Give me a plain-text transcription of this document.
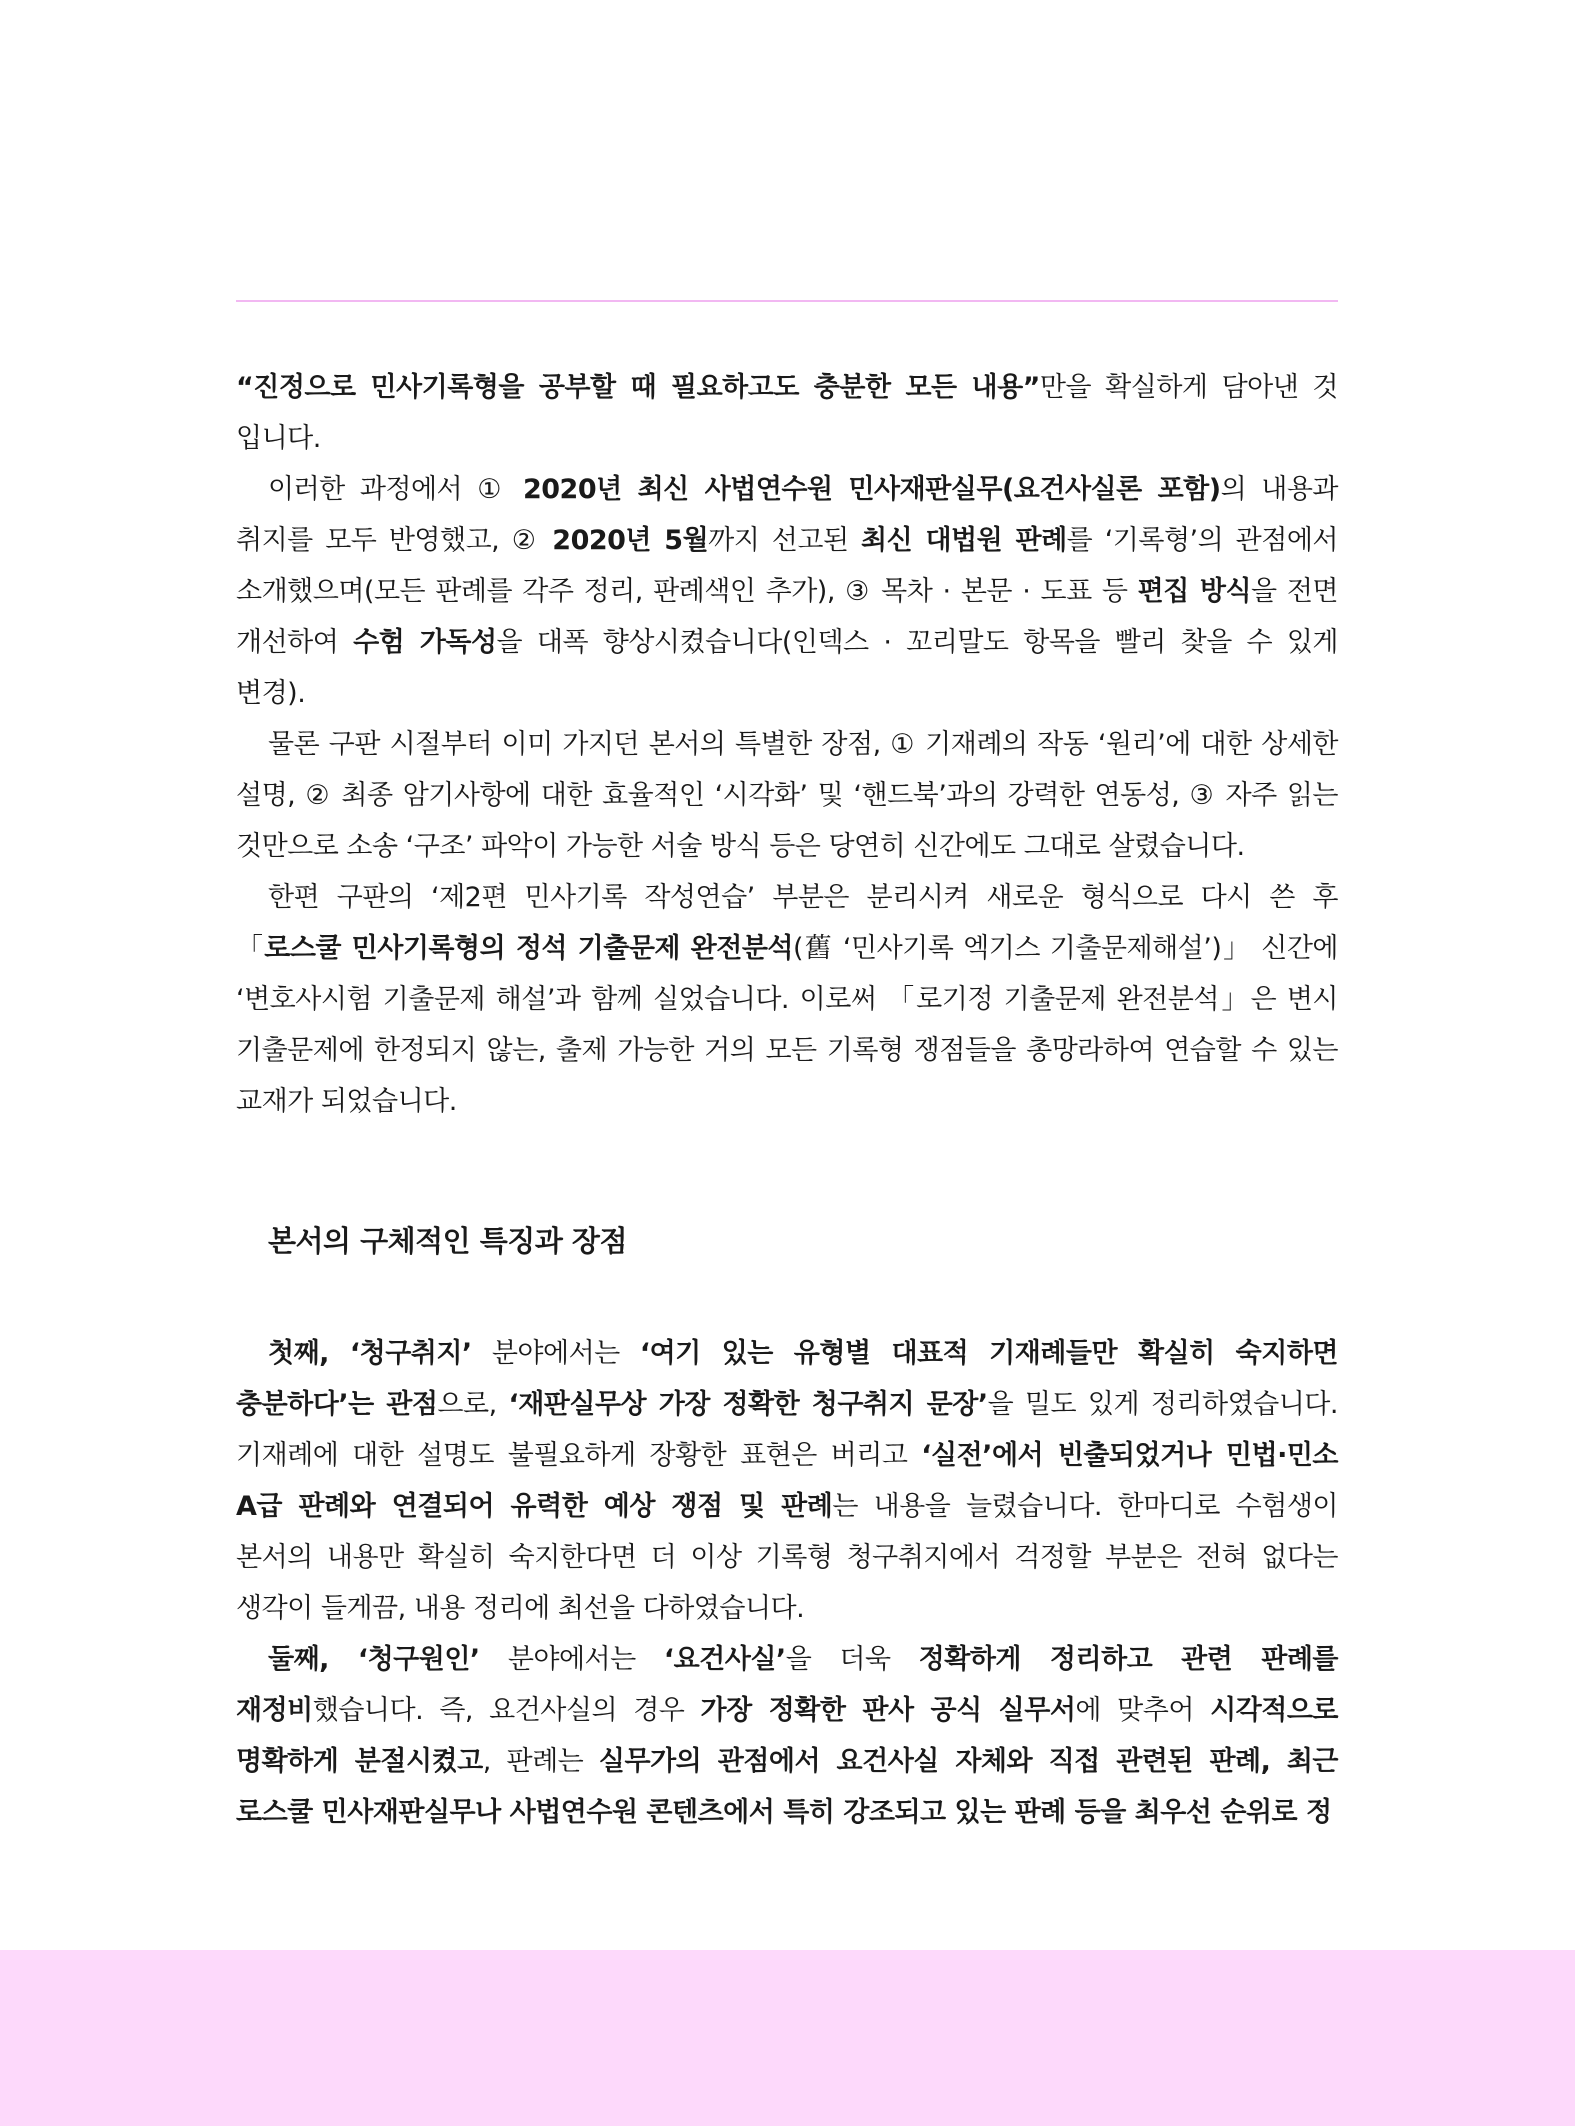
“진정으로 민사기록형을 공부할 때 필요하고도 충분한 모든 내용”만을 확실하게 담아낸 것 입니다.

이러한 과정에서 ① 2020년 최신 사법연수원 민사재판실무(요건사실론 포함)의 내용과 취지를 모두 반영했고, ② 2020년 5월까지 선고된 최신 대법원 판례를 ‘기록형’의 관점에서 소개했으며(모든 판례를 각주 정리, 판례색인 추가), ③ 목차 · 본문 · 도표 등 편집 방식을 전면 개선하여 수험 가독성을 대폭 향상시켰습니다(인덱스 · 꼬리말도 항목을 빨리 찾을 수 있게 변경).

물론 구판 시절부터 이미 가지던 본서의 특별한 장점, ① 기재례의 작동 ‘원리’에 대한 상세한 설명, ② 최종 암기사항에 대한 효율적인 ‘시각화’ 및 ‘핸드북’과의 강력한 연동성, ③ 자주 읽는 것만으로 소송 ‘구조’ 파악이 가능한 서술 방식 등은 당연히 신간에도 그대로 살렸습니다.

한편 구판의 ‘제2편 민사기록 작성연습’ 부분은 분리시켜 새로운 형식으로 다시 쓴 후 「로스쿨 민사기록형의 정석 기출문제 완전분석(舊 ‘민사기록 엑기스 기출문제해설’)」 신간에 ‘변호사시험 기출문제 해설’과 함께 실었습니다. 이로써 「로기정 기출문제 완전분석」은 변시 기출문제에 한정되지 않는, 출제 가능한 거의 모든 기록형 쟁점들을 총망라하여 연습할 수 있는 교재가 되었습니다.

본서의 구체적인 특징과 장점

첫째, ‘청구취지’ 분야에서는 ‘여기 있는 유형별 대표적 기재례들만 확실히 숙지하면 충분하다’는 관점으로, ‘재판실무상 가장 정확한 청구취지 문장’을 밀도 있게 정리하였습니다. 기재례에 대한 설명도 불필요하게 장황한 표현은 버리고 ‘실전’에서 빈출되었거나 민법·민소 A급 판례와 연결되어 유력한 예상 쟁점 및 판례는 내용을 늘렸습니다. 한마디로 수험생이 본서의 내용만 확실히 숙지한다면 더 이상 기록형 청구취지에서 걱정할 부분은 전혀 없다는 생각이 들게끔, 내용 정리에 최선을 다하였습니다.

둘째, ‘청구원인’ 분야에서는 ‘요건사실’을 더욱 정확하게 정리하고 관련 판례를 재정비했습니다. 즉, 요건사실의 경우 가장 정확한 판사 공식 실무서에 맞추어 시각적으로 명확하게 분절시켰고, 판례는 실무가의 관점에서 요건사실 자체와 직접 관련된 판례, 최근 로스쿨 민사재판실무나 사법연수원 콘텐츠에서 특히 강조되고 있는 판례 등을 최우선 순위로 정
